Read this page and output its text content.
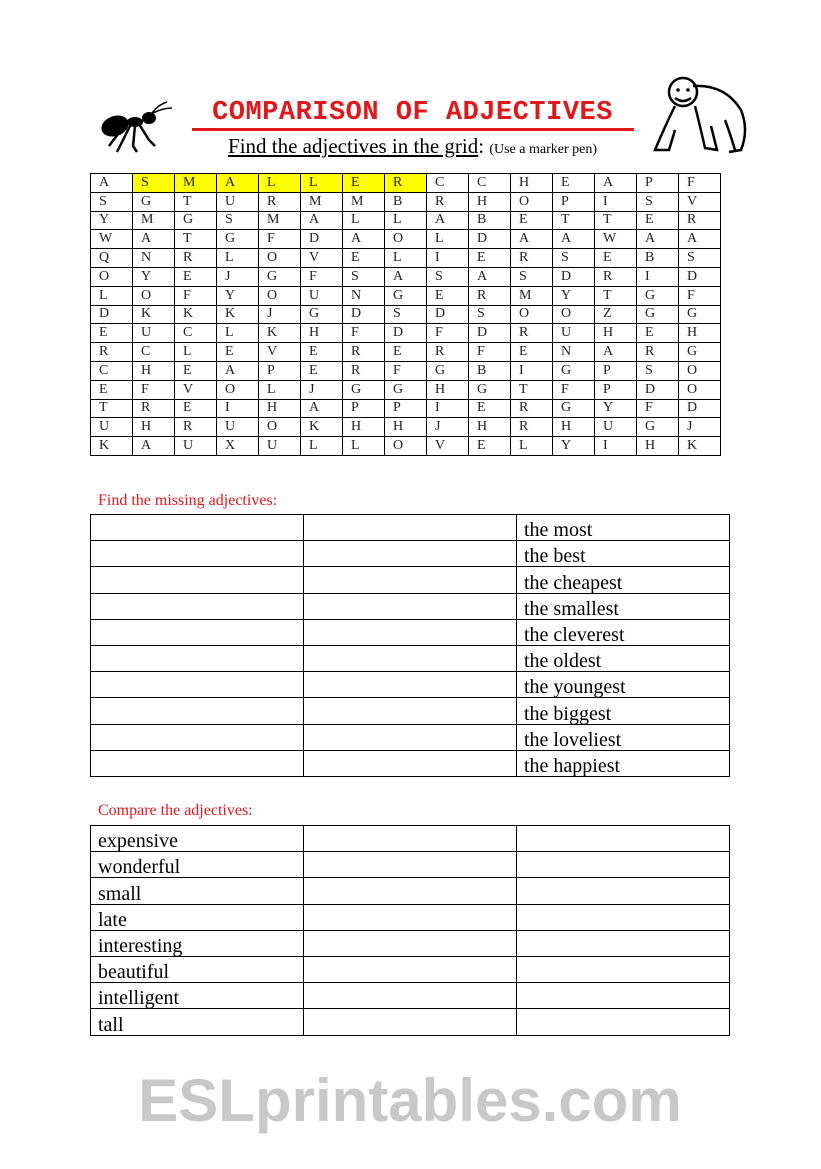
COMPARISON OF ADJECTIVES
Find the adjectives in the grid: (Use a marker pen)
A	S	M	A	L	L	E	R	C	C	H	E	A	P	F
S	G	T	U	R	M	M	B	R	H	O	P	I	S	V
Y	M	G	S	M	A	L	L	A	B	E	T	T	E	R
W	A	T	G	F	D	A	O	L	D	A	A	W	A	A
Q	N	R	L	O	V	E	L	I	E	R	S	E	B	S
O	Y	E	J	G	F	S	A	S	A	S	D	R	I	D
L	O	F	Y	O	U	N	G	E	R	M	Y	T	G	F
D	K	K	K	J	G	D	S	D	S	O	O	Z	G	G
E	U	C	L	K	H	F	D	F	D	R	U	H	E	H
R	C	L	E	V	E	R	E	R	F	E	N	A	R	G
C	H	E	A	P	E	R	F	G	B	I	G	P	S	O
E	F	V	O	L	J	G	G	H	G	T	F	P	D	O
T	R	E	I	H	A	P	P	I	E	R	G	Y	F	D
U	H	R	U	O	K	H	H	J	H	R	H	U	G	J
K	A	U	X	U	L	L	O	V	E	L	Y	I	H	K
Find the missing adjectives:
		the most
		the best
		the cheapest
		the smallest
		the cleverest
		the oldest
		the youngest
		the biggest
		the loveliest
		the happiest
Compare the adjectives:
expensive		
wonderful		
small		
late		
interesting		
beautiful		
intelligent		
tall		
ESLprintables.com
